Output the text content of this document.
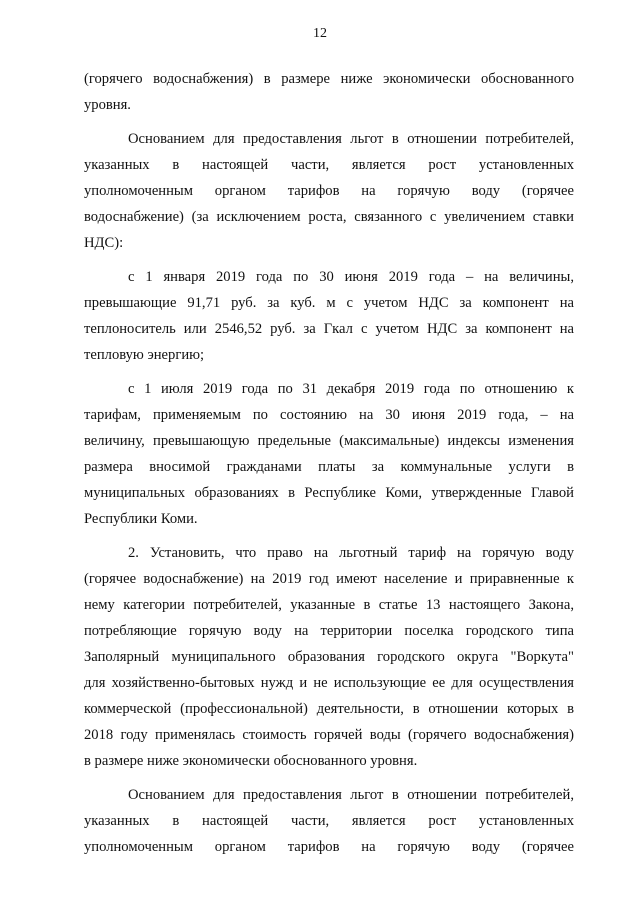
12
(горячего водоснабжения) в размере ниже экономически обоснованного
уровня.
Основанием для предоставления льгот в отношении потребителей,
указанных в настоящей части, является рост установленных
уполномоченным органом тарифов на горячую воду (горячее
водоснабжение) (за исключением роста, связанного с увеличением ставки
НДС):
с 1 января 2019 года по 30 июня 2019 года – на величины,
превышающие 91,71 руб. за куб. м с учетом НДС за компонент на
теплоноситель или 2546,52 руб. за Гкал с учетом НДС за компонент на
тепловую энергию;
с 1 июля 2019 года по 31 декабря 2019 года по отношению к
тарифам, применяемым по состоянию на 30 июня 2019 года, – на
величину, превышающую предельные (максимальные) индексы изменения
размера вносимой гражданами платы за коммунальные услуги в
муниципальных образованиях в Республике Коми, утвержденные Главой
Республики Коми.
2. Установить, что право на льготный тариф на горячую воду
(горячее водоснабжение) на 2019 год имеют население и приравненные к
нему категории потребителей, указанные в статье 13 настоящего Закона,
потребляющие горячую воду на территории поселка городского типа
Заполярный муниципального образования городского округа "Воркута"
для хозяйственно-бытовых нужд и не использующие ее для осуществления
коммерческой (профессиональной) деятельности, в отношении которых в
2018 году применялась стоимость горячей воды (горячего водоснабжения)
в размере ниже экономически обоснованного уровня.
Основанием для предоставления льгот в отношении потребителей,
указанных в настоящей части, является рост установленных
уполномоченным органом тарифов на горячую воду (горячее
